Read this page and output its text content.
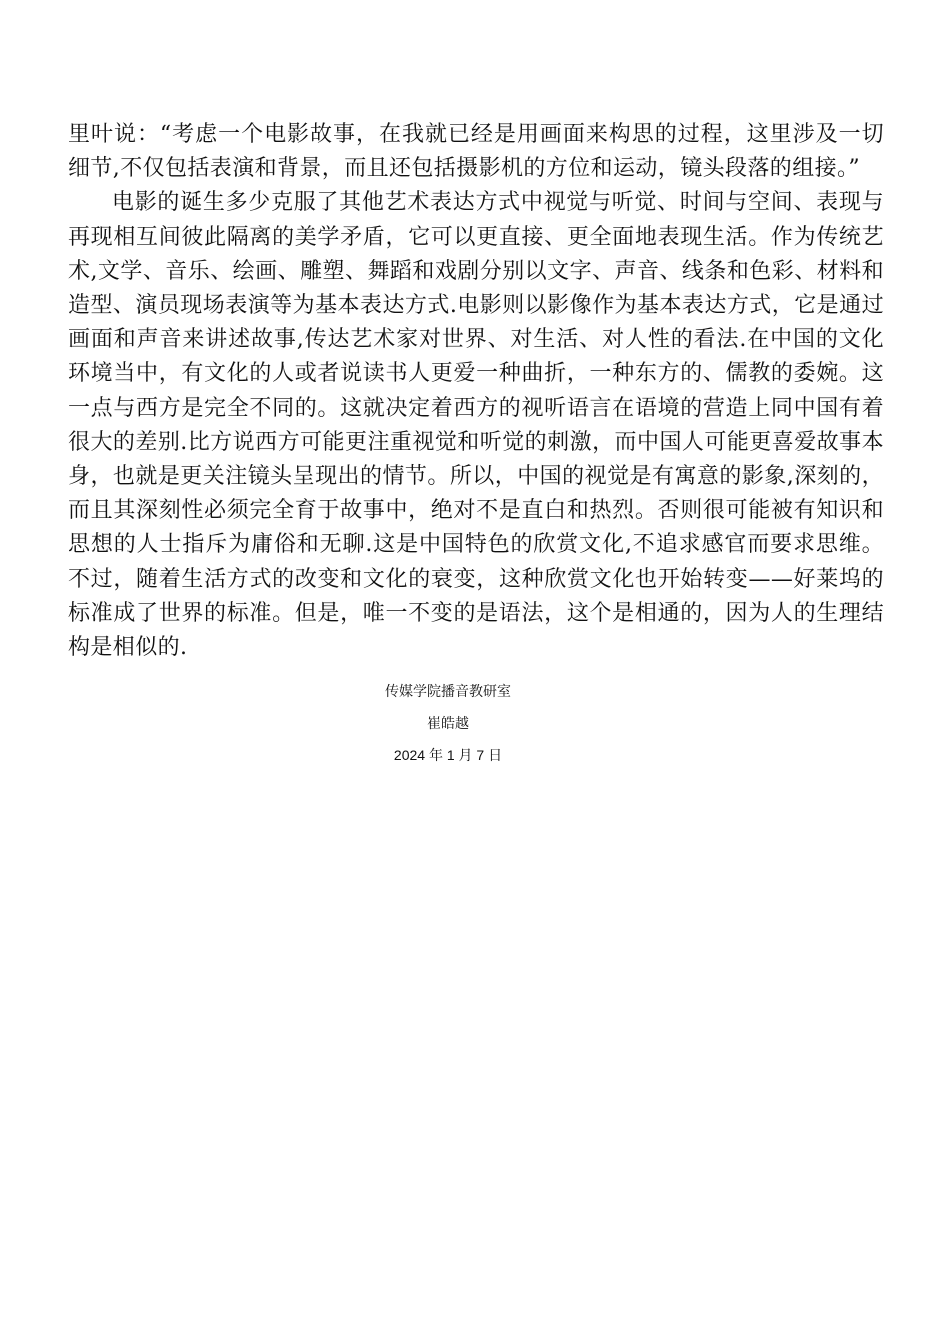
里叶说：“考虑一个电影故事，在我就已经是用画面来构思的过程，这里涉及一切细节,不仅包括表演和背景，而且还包括摄影机的方位和运动，镜头段落的组接。”

电影的诞生多少克服了其他艺术表达方式中视觉与听觉、时间与空间、表现与再现相互间彼此隔离的美学矛盾，它可以更直接、更全面地表现生活。作为传统艺术,文学、音乐、绘画、雕塑、舞蹈和戏剧分别以文字、声音、线条和色彩、材料和造型、演员现场表演等为基本表达方式.电影则以影像作为基本表达方式，它是通过画面和声音来讲述故事,传达艺术家对世界、对生活、对人性的看法.在中国的文化环境当中，有文化的人或者说读书人更爱一种曲折，一种东方的、儒教的委婉。这一点与西方是完全不同的。这就决定着西方的视听语言在语境的营造上同中国有着很大的差别.比方说西方可能更注重视觉和听觉的刺激，而中国人可能更喜爱故事本身，也就是更关注镜头呈现出的情节。所以，中国的视觉是有寓意的影象,深刻的，而且其深刻性必须完全育于故事中，绝对不是直白和热烈。否则很可能被有知识和思想的人士指斥为庸俗和无聊.这是中国特色的欣赏文化,不追求感官而要求思维。不过，随着生活方式的改变和文化的衰变，这种欣赏文化也开始转变——好莱坞的标准成了世界的标准。但是，唯一不变的是语法，这个是相通的，因为人的生理结构是相似的.

传媒学院播音教研室
崔皓越
2024 年 1 月 7 日
